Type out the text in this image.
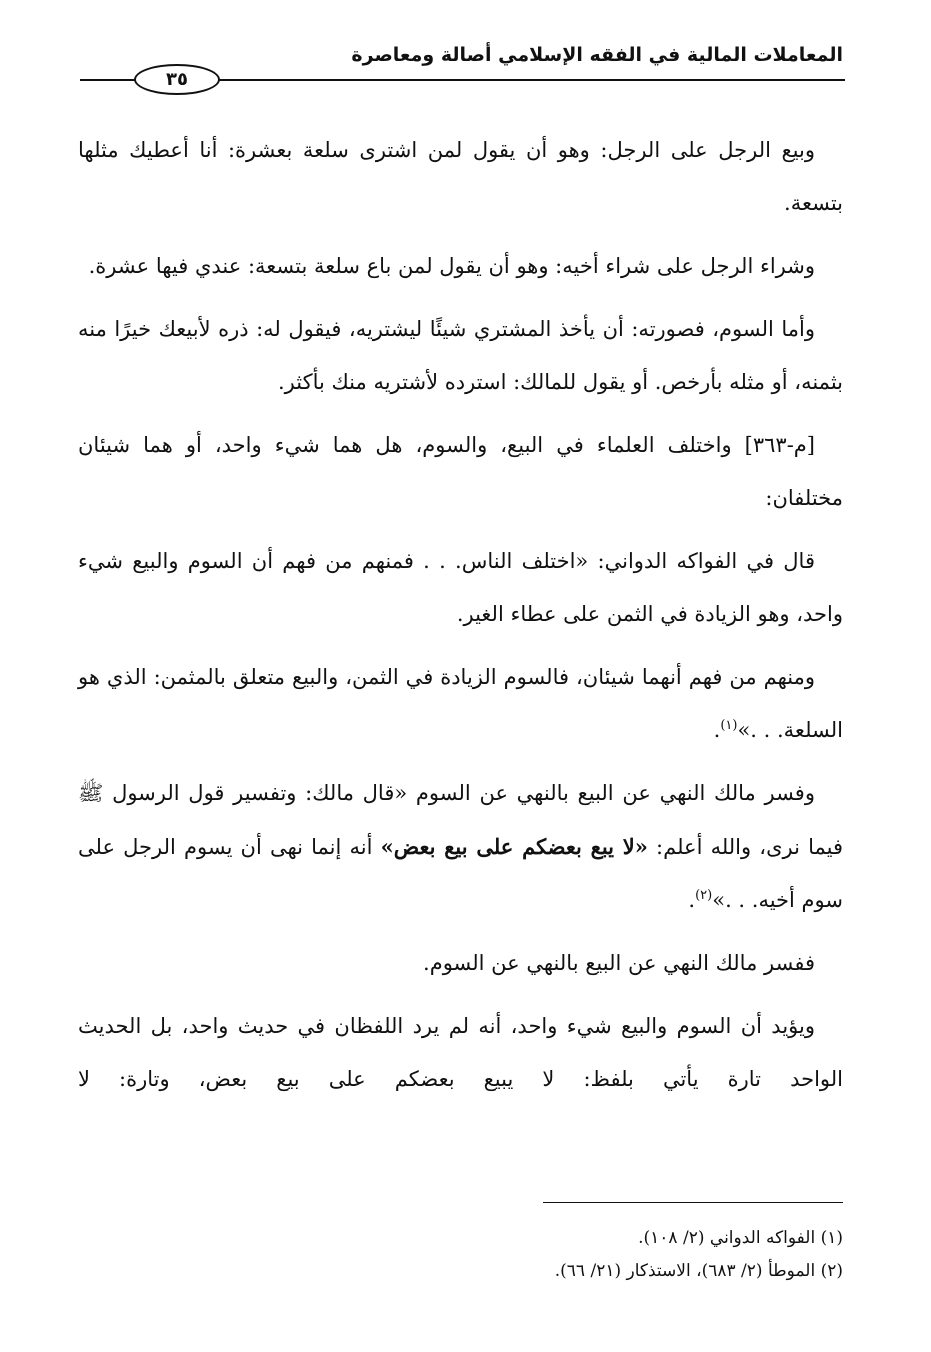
المعاملات المالية في الفقه الإسلامي أصالة ومعاصرة
٣٥

وبيع الرجل على الرجل: وهو أن يقول لمن اشترى سلعة بعشرة: أنا أعطيك مثلها بتسعة.

وشراء الرجل على شراء أخيه: وهو أن يقول لمن باع سلعة بتسعة: عندي فيها عشرة.

وأما السوم، فصورته: أن يأخذ المشتري شيئًا ليشتريه، فيقول له: ذره لأبيعك خيرًا منه بثمنه، أو مثله بأرخص. أو يقول للمالك: استرده لأشتريه منك بأكثر.

[م-٣٦٣] واختلف العلماء في البيع، والسوم، هل هما شيء واحد، أو هما شيئان مختلفان:

قال في الفواكه الدواني: «اختلف الناس. . . فمنهم من فهم أن السوم والبيع شيء واحد، وهو الزيادة في الثمن على عطاء الغير.

ومنهم من فهم أنهما شيئان، فالسوم الزيادة في الثمن، والبيع متعلق بالمثمن: الذي هو السلعة. . .»$^{(١)}$.

وفسر مالك النهي عن البيع بالنهي عن السوم «قال مالك: وتفسير قول الرسول ﷺ فيما نرى، والله أعلم: «لا يبع بعضكم على بيع بعض» أنه إنما نهى أن يسوم الرجل على سوم أخيه. . .»$^{(٢)}$.

ففسر مالك النهي عن البيع بالنهي عن السوم.

ويؤيد أن السوم والبيع شيء واحد، أنه لم يرد اللفظان في حديث واحد، بل الحديث الواحد تارة يأتي بلفظ: لا يبيع بعضكم على بيع بعض، وتارة: لا

(١) الفواكه الدواني (٢/ ١٠٨).

(٢) الموطأ (٢/ ٦٨٣)، الاستذكار (٢١/ ٦٦).
